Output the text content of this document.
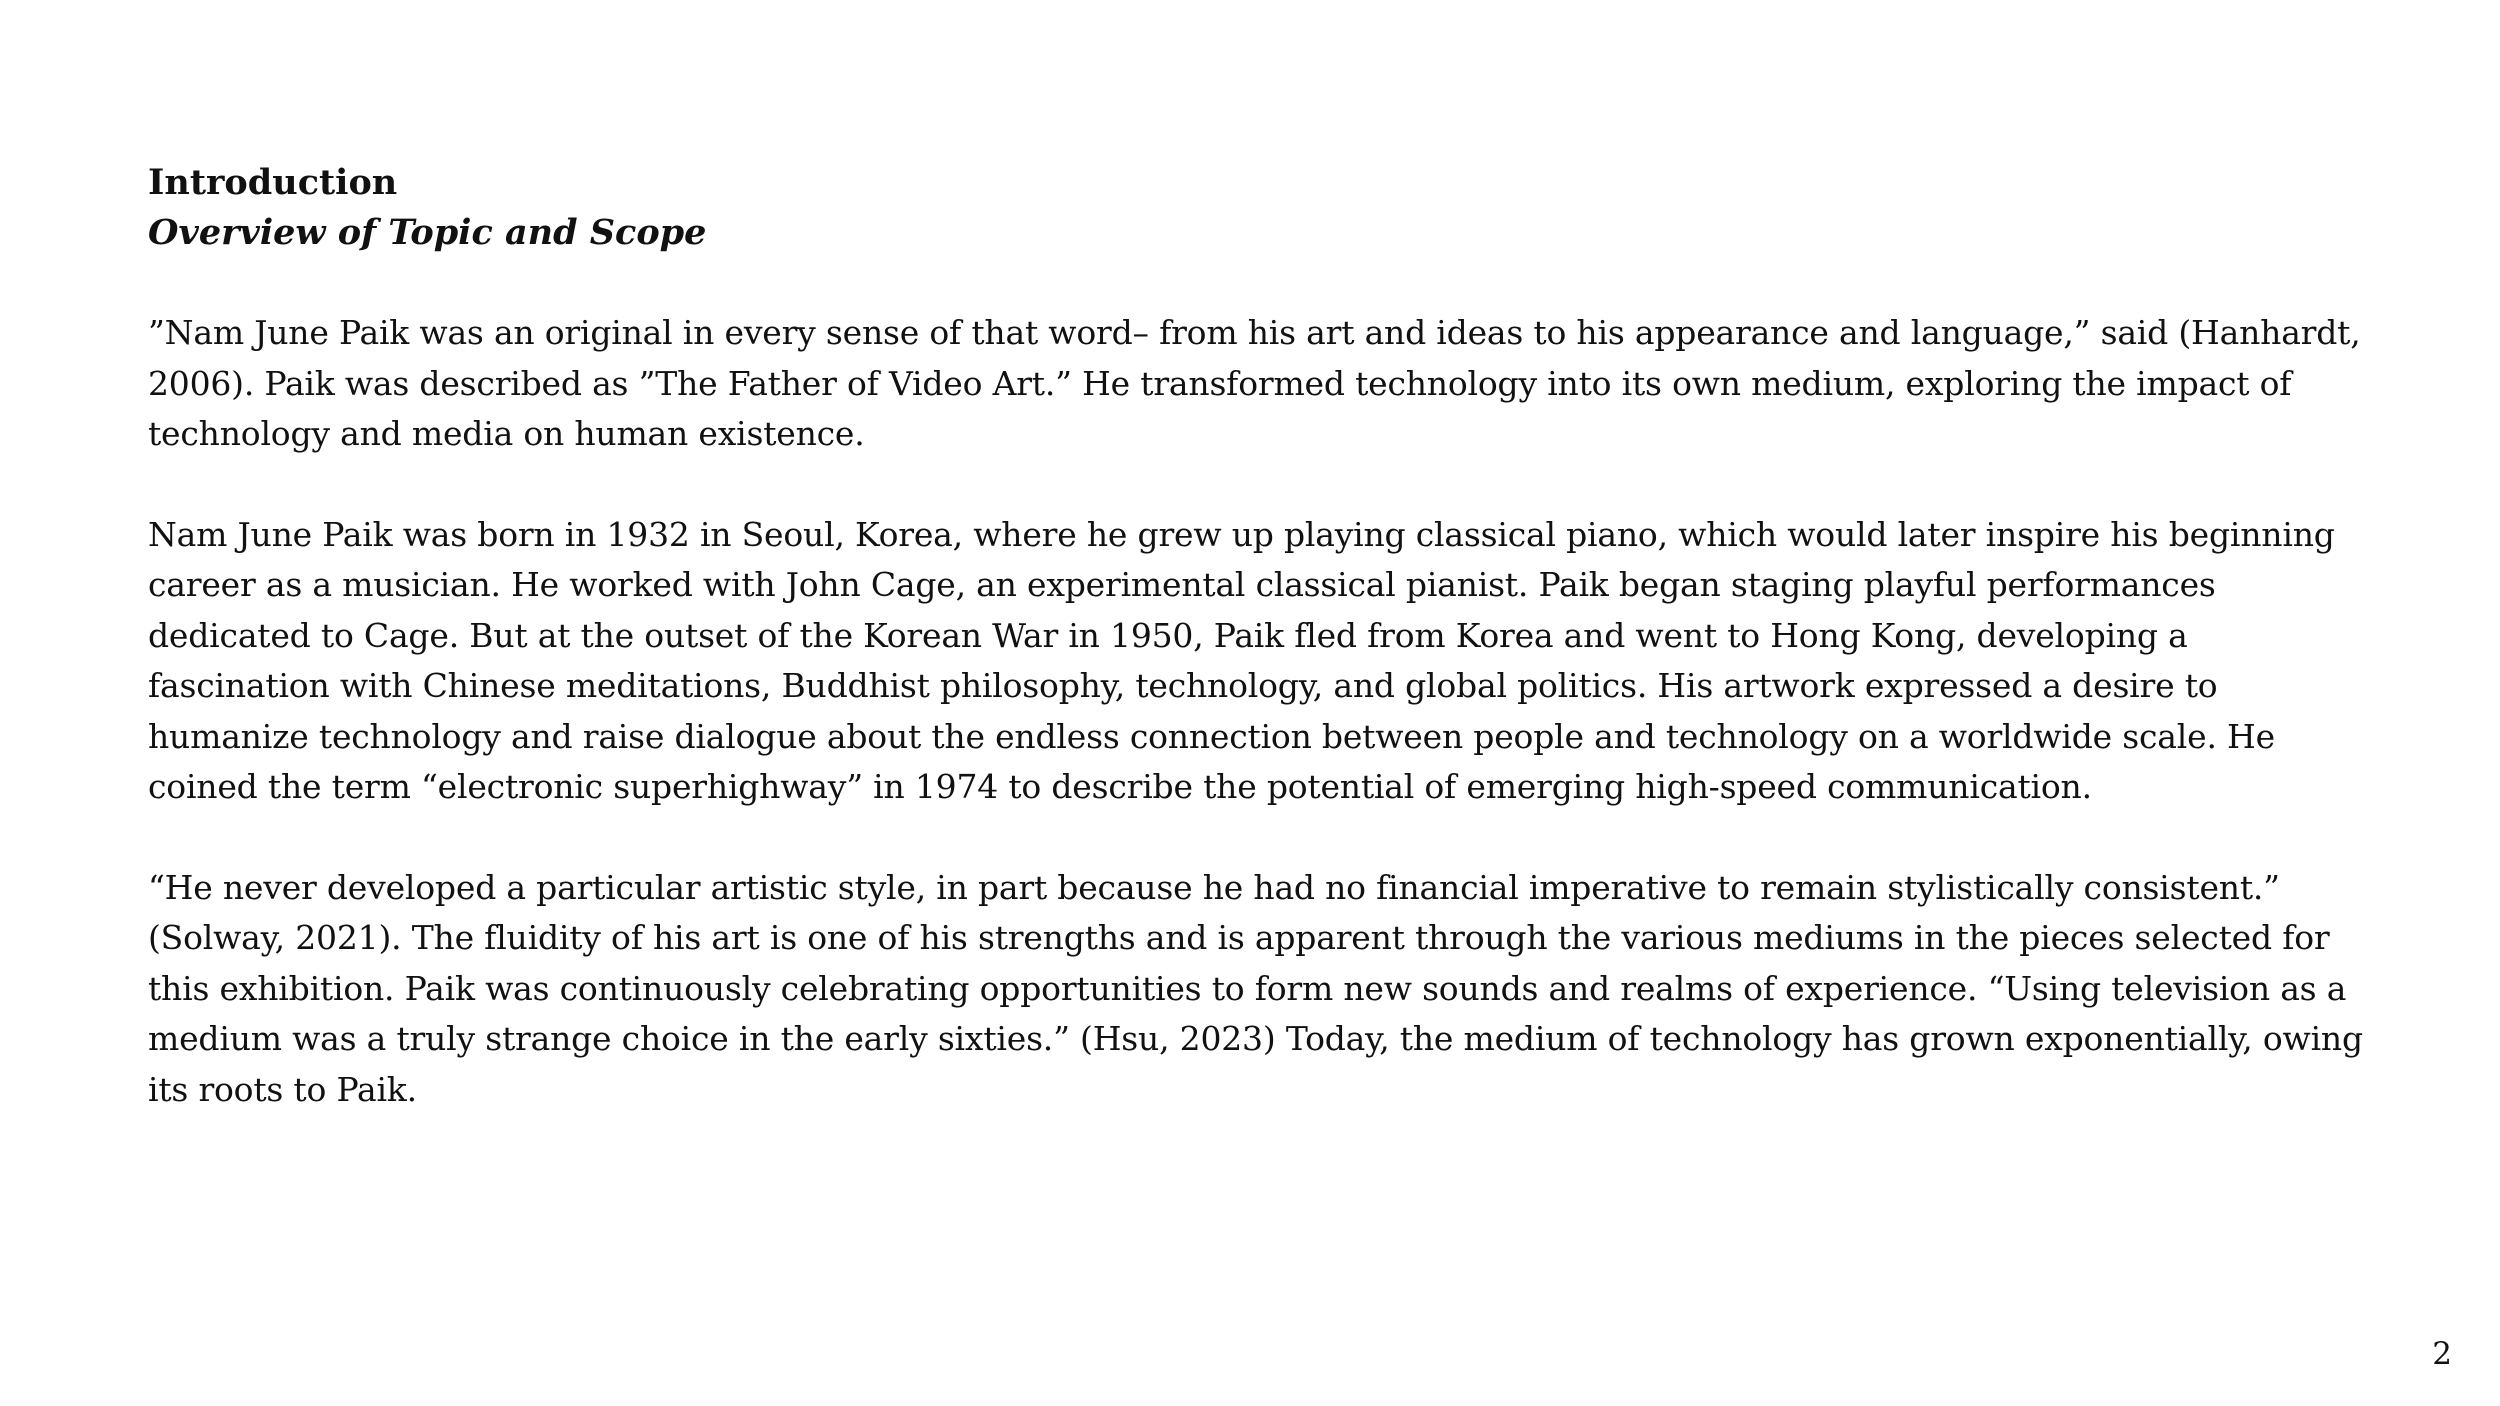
Introduction
Overview of Topic and Scope

”Nam June Paik was an original in every sense of that word– from his art and ideas to his appearance and language,” said (Hanhardt, 2006). Paik was described as ”The Father of Video Art.” He transformed technology into its own medium, exploring the impact of technology and media on human existence.

Nam June Paik was born in 1932 in Seoul, Korea, where he grew up playing classical piano, which would later inspire his beginning career as a musician. He worked with John Cage, an experimental classical pianist. Paik began staging playful performances dedicated to Cage. But at the outset of the Korean War in 1950, Paik fled from Korea and went to Hong Kong, developing a fascination with Chinese meditations, Buddhist philosophy, technology, and global politics. His artwork expressed a desire to humanize technology and raise dialogue about the endless connection between people and technology on a worldwide scale. He coined the term “electronic superhighway” in 1974 to describe the potential of emerging high-speed communication.

“He never developed a particular artistic style, in part because he had no financial imperative to remain stylistically consistent.” (Solway, 2021). The fluidity of his art is one of his strengths and is apparent through the various mediums in the pieces selected for this exhibition. Paik was continuously celebrating opportunities to form new sounds and realms of experience. “Using television as a medium was a truly strange choice in the early sixties.” (Hsu, 2023) Today, the medium of technology has grown exponentially, owing its roots to Paik.

2
